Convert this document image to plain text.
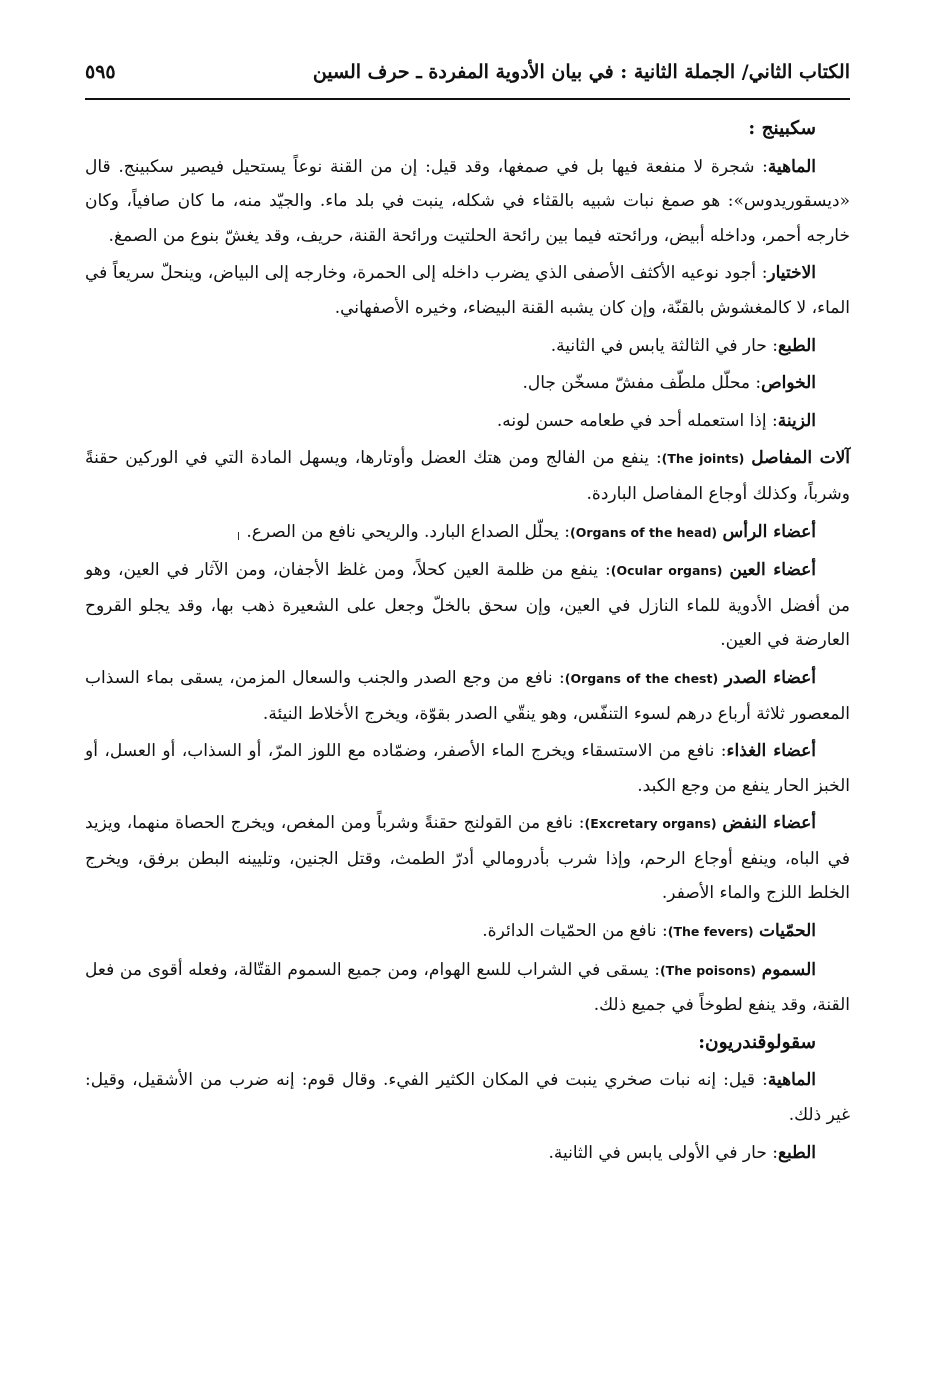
الكتاب الثاني/ الجملة الثانية : في بيان الأدوية المفردة ـ حرف السين
٥٩٥
سكبينج :

الماهية: شجرة لا منفعة فيها بل في صمغها، وقد قيل: إن من القنة نوعاً يستحيل فيصير سكبينج. قال «ديسقوريدوس»: هو صمغ نبات شبيه بالقثاء في شكله، ينبت في بلد ماء. والجيّد منه، ما كان صافياً، وكان خارجه أحمر، وداخله أبيض، ورائحته فيما بين رائحة الحلتيت ورائحة القنة، حريف، وقد يغشّ بنوع من الصمغ.

الاختيار: أجود نوعيه الأكثف الأصفى الذي يضرب داخله إلى الحمرة، وخارجه إلى البياض، وينحلّ سريعاً في الماء، لا كالمغشوش بالقنّة، وإن كان يشبه القنة البيضاء، وخيره الأصفهاني.

الطبع: حار في الثالثة يابس في الثانية.

الخواص: محلّل ملطّف مفشّ مسخّن جال.

الزينة: إذا استعمله أحد في طعامه حسن لونه.

آلات المفاصل (The joints): ينفع من الفالج ومن هتك العضل وأوتارها، ويسهل المادة التي في الوركين حقنةً وشرباً، وكذلك أوجاع المفاصل الباردة.

أعضاء الرأس (Organs of the head): يحلّل الصداع البارد. والريحي نافع من الصرع.

أعضاء العين (Ocular organs): ينفع من ظلمة العين كحلاً، ومن غلظ الأجفان، ومن الآثار في العين، وهو من أفضل الأدوية للماء النازل في العين، وإن سحق بالخلّ وجعل على الشعيرة ذهب بها، وقد يجلو القروح العارضة في العين.

أعضاء الصدر (Organs of the chest): نافع من وجع الصدر والجنب والسعال المزمن، يسقى بماء السذاب المعصور ثلاثة أرباع درهم لسوء التنفّس، وهو ينقّي الصدر بقوّة، ويخرج الأخلاط النيئة.

أعضاء الغذاء: نافع من الاستسقاء ويخرج الماء الأصفر، وضمّاده مع اللوز المرّ، أو السذاب، أو العسل، أو الخبز الحار ينفع من وجع الكبد.

أعضاء النفض (Excretary organs): نافع من القولنج حقنةً وشرباً ومن المغص، ويخرج الحصاة منهما، ويزيد في الباه، وينفع أوجاع الرحم، وإذا شرب بأدرومالي أدرّ الطمث، وقتل الجنين، وتليينه البطن برفق، ويخرج الخلط اللزج والماء الأصفر.

الحمّيات (The fevers): نافع من الحمّيات الدائرة.

السموم (The poisons): يسقى في الشراب للسع الهوام، ومن جميع السموم القتّالة، وفعله أقوى من فعل القنة، وقد ينفع لطوخاً في جميع ذلك.

سقولوقندريون:

الماهية: قيل: إنه نبات صخري ينبت في المكان الكثير الفيء. وقال قوم: إنه ضرب من الأشقيل، وقيل: غير ذلك.

الطبع: حار في الأولى يابس في الثانية.
